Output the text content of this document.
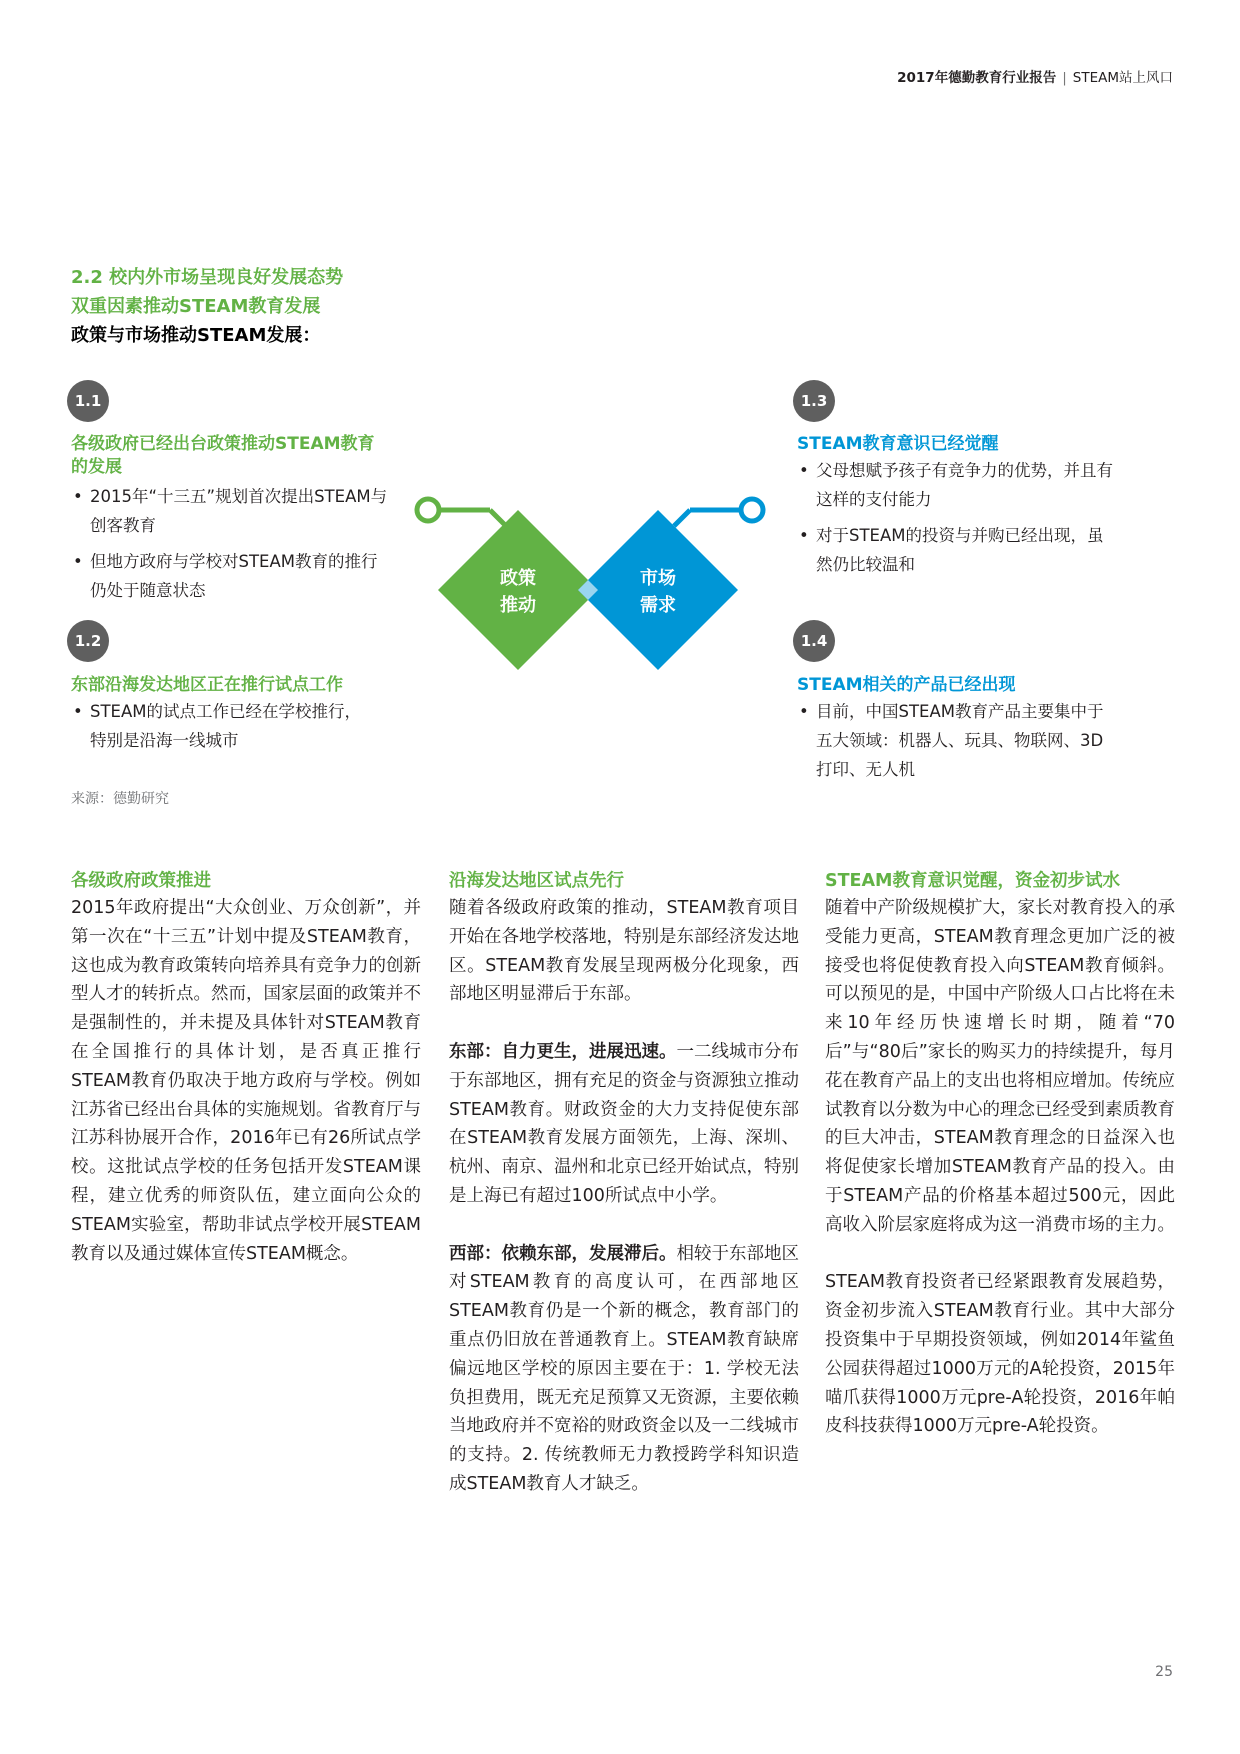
2017年德勤教育行业报告 | STEAM站上风口
2.2 校内外市场呈现良好发展态势
双重因素推动STEAM教育发展
政策与市场推动STEAM发展：
1.1
各级政府已经出台政策推动STEAM教育的发展
• 2015年“十三五”规划首次提出STEAM与创客教育
• 但地方政府与学校对STEAM教育的推行仍处于随意状态
1.2
东部沿海发达地区正在推行试点工作
• STEAM的试点工作已经在学校推行，特别是沿海一线城市
1.3
STEAM教育意识已经觉醒
• 父母想赋予孩子有竞争力的优势，并且有这样的支付能力
• 对于STEAM的投资与并购已经出现，虽然仍比较温和
1.4
STEAM相关的产品已经出现
• 目前，中国STEAM教育产品主要集中于五大领域：机器人、玩具、物联网、3D打印、无人机
政策
推动
市场
需求
来源：德勤研究
各级政府政策推进

2015年政府提出“大众创业、万众创新”，并第一次在“十三五”计划中提及STEAM教育，这也成为教育政策转向培养具有竞争力的创新型人才的转折点。然而，国家层面的政策并不是强制性的，并未提及具体针对STEAM教育在全国推行的具体计划，是否真正推行STEAM教育仍取决于地方政府与学校。例如江苏省已经出台具体的实施规划。省教育厅与江苏科协展开合作，2016年已有26所试点学校。这批试点学校的任务包括开发STEAM课程，建立优秀的师资队伍，建立面向公众的STEAM实验室，帮助非试点学校开展STEAM教育以及通过媒体宣传STEAM概念。

沿海发达地区试点先行

随着各级政府政策的推动，STEAM教育项目开始在各地学校落地，特别是东部经济发达地区。STEAM教育发展呈现两极分化现象，西部地区明显滞后于东部。

东部：自力更生，进展迅速。一二线城市分布于东部地区，拥有充足的资金与资源独立推动STEAM教育。财政资金的大力支持促使东部在STEAM教育发展方面领先，上海、深圳、杭州、南京、温州和北京已经开始试点，特别是上海已有超过100所试点中小学。

西部：依赖东部，发展滞后。相较于东部地区对STEAM教育的高度认可，在西部地区STEAM教育仍是一个新的概念，教育部门的重点仍旧放在普通教育上。STEAM教育缺席偏远地区学校的原因主要在于：1. 学校无法负担费用，既无充足预算又无资源，主要依赖当地政府并不宽裕的财政资金以及一二线城市的支持。2. 传统教师无力教授跨学科知识造成STEAM教育人才缺乏。

STEAM教育意识觉醒，资金初步试水

随着中产阶级规模扩大，家长对教育投入的承受能力更高，STEAM教育理念更加广泛的被接受也将促使教育投入向STEAM教育倾斜。可以预见的是，中国中产阶级人口占比将在未来10年经历快速增长时期，随着“70后”与“80后”家长的购买力的持续提升，每月花在教育产品上的支出也将相应增加。传统应试教育以分数为中心的理念已经受到素质教育的巨大冲击，STEAM教育理念的日益深入也将促使家长增加STEAM教育产品的投入。由于STEAM产品的价格基本超过500元，因此高收入阶层家庭将成为这一消费市场的主力。

STEAM教育投资者已经紧跟教育发展趋势，资金初步流入STEAM教育行业。其中大部分投资集中于早期投资领域，例如2014年鲨鱼公园获得超过1000万元的A轮投资，2015年喵爪获得1000万元pre-A轮投资，2016年帕皮科技获得1000万元pre-A轮投资。

25
